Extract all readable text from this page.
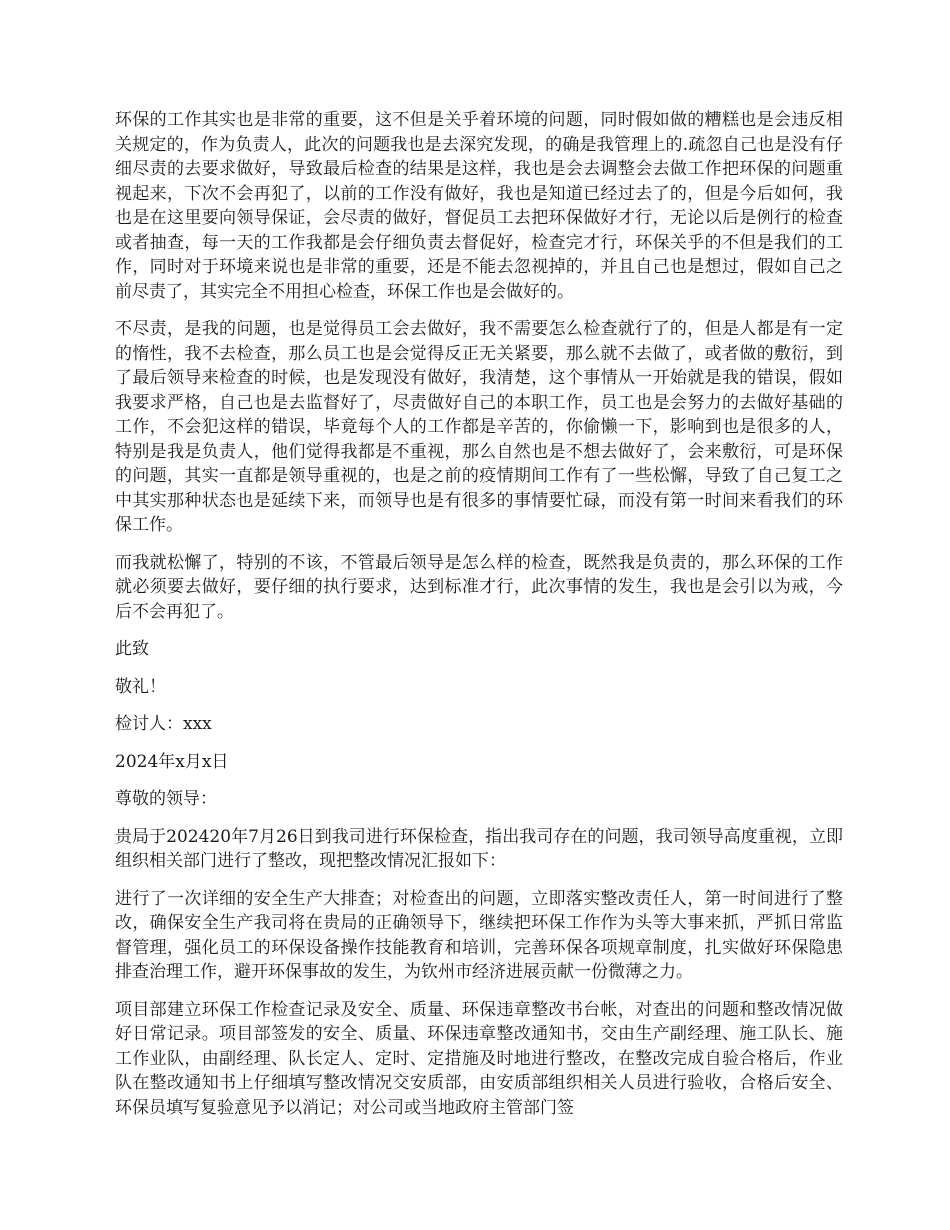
环保的工作其实也是非常的重要，这不但是关乎着环境的问题，同时假如做的糟糕也是会违反相关规定的，作为负责人，此次的问题我也是去深究发现，的确是我管理上的.疏忽自己也是没有仔细尽责的去要求做好，导致最后检查的结果是这样，我也是会去调整会去做工作把环保的问题重视起来，下次不会再犯了，以前的工作没有做好，我也是知道已经过去了的，但是今后如何，我也是在这里要向领导保证，会尽责的做好，督促员工去把环保做好才行，无论以后是例行的检查或者抽查，每一天的工作我都是会仔细负责去督促好，检查完才行，环保关乎的不但是我们的工作，同时对于环境来说也是非常的重要，还是不能去忽视掉的，并且自己也是想过，假如自己之前尽责了，其实完全不用担心检查，环保工作也是会做好的。

不尽责，是我的问题，也是觉得员工会去做好，我不需要怎么检查就行了的，但是人都是有一定的惰性，我不去检查，那么员工也是会觉得反正无关紧要，那么就不去做了，或者做的敷衍，到了最后领导来检查的时候，也是发现没有做好，我清楚，这个事情从一开始就是我的错误，假如我要求严格，自己也是去监督好了，尽责做好自己的本职工作，员工也是会努力的去做好基础的工作，不会犯这样的错误，毕竟每个人的工作都是辛苦的，你偷懒一下，影响到也是很多的人，特别是我是负责人，他们觉得我都是不重视，那么自然也是不想去做好了，会来敷衍，可是环保的问题，其实一直都是领导重视的，也是之前的疫情期间工作有了一些松懈，导致了自己复工之中其实那种状态也是延续下来，而领导也是有很多的事情要忙碌，而没有第一时间来看我们的环保工作。

而我就松懈了，特别的不该，不管最后领导是怎么样的检查，既然我是负责的，那么环保的工作就必须要去做好，要仔细的执行要求，达到标准才行，此次事情的发生，我也是会引以为戒，今后不会再犯了。

此致

敬礼！

检讨人：xxx

2024年x月x日

尊敬的领导：

贵局于202420年7月26日到我司进行环保检查，指出我司存在的问题，我司领导高度重视，立即组织相关部门进行了整改，现把整改情况汇报如下：

进行了一次详细的安全生产大排查；对检查出的问题，立即落实整改责任人，第一时间进行了整改，确保安全生产我司将在贵局的正确领导下，继续把环保工作作为头等大事来抓，严抓日常监督管理，强化员工的环保设备操作技能教育和培训，完善环保各项规章制度，扎实做好环保隐患排查治理工作，避开环保事故的发生，为钦州市经济进展贡献一份微薄之力。

项目部建立环保工作检查记录及安全、质量、环保违章整改书台帐，对查出的问题和整改情况做好日常记录。项目部签发的安全、质量、环保违章整改通知书，交由生产副经理、施工队长、施工作业队，由副经理、队长定人、定时、定措施及时地进行整改，在整改完成自验合格后，作业队在整改通知书上仔细填写整改情况交安质部，由安质部组织相关人员进行验收，合格后安全、环保员填写复验意见予以消记；对公司或当地政府主管部门签
